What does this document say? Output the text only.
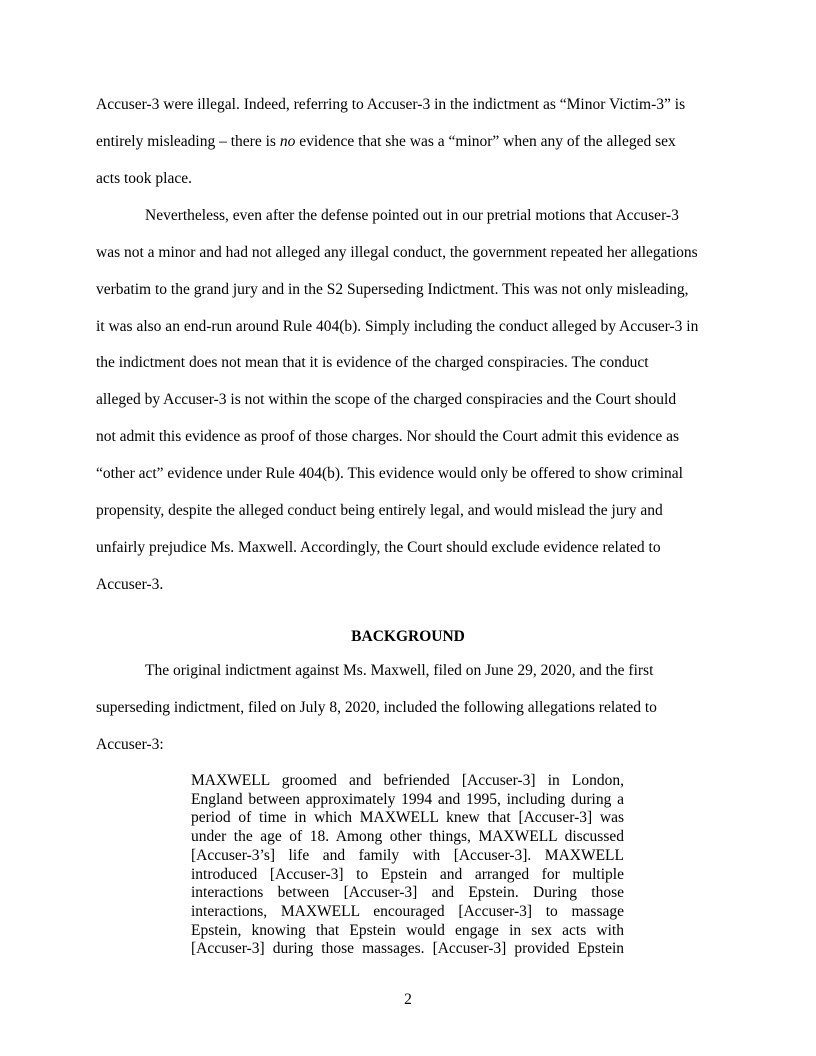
Accuser-3 were illegal. Indeed, referring to Accuser-3 in the indictment as “Minor Victim-3” is
entirely misleading – there is no evidence that she was a “minor” when any of the alleged sex
acts took place.
Nevertheless, even after the defense pointed out in our pretrial motions that Accuser-3
was not a minor and had not alleged any illegal conduct, the government repeated her allegations
verbatim to the grand jury and in the S2 Superseding Indictment. This was not only misleading,
it was also an end-run around Rule 404(b). Simply including the conduct alleged by Accuser-3 in
the indictment does not mean that it is evidence of the charged conspiracies. The conduct
alleged by Accuser-3 is not within the scope of the charged conspiracies and the Court should
not admit this evidence as proof of those charges. Nor should the Court admit this evidence as
“other act” evidence under Rule 404(b). This evidence would only be offered to show criminal
propensity, despite the alleged conduct being entirely legal, and would mislead the jury and
unfairly prejudice Ms. Maxwell. Accordingly, the Court should exclude evidence related to
Accuser-3.
BACKGROUND
The original indictment against Ms. Maxwell, filed on June 29, 2020, and the first
superseding indictment, filed on July 8, 2020, included the following allegations related to
Accuser-3:
MAXWELL groomed and befriended [Accuser-3] in London,
England between approximately 1994 and 1995, including during a
period of time in which MAXWELL knew that [Accuser-3] was
under the age of 18. Among other things, MAXWELL discussed
[Accuser-3’s] life and family with [Accuser-3]. MAXWELL
introduced [Accuser-3] to Epstein and arranged for multiple
interactions between [Accuser-3] and Epstein. During those
interactions, MAXWELL encouraged [Accuser-3] to massage
Epstein, knowing that Epstein would engage in sex acts with
[Accuser-3] during those massages. [Accuser-3] provided Epstein
2
